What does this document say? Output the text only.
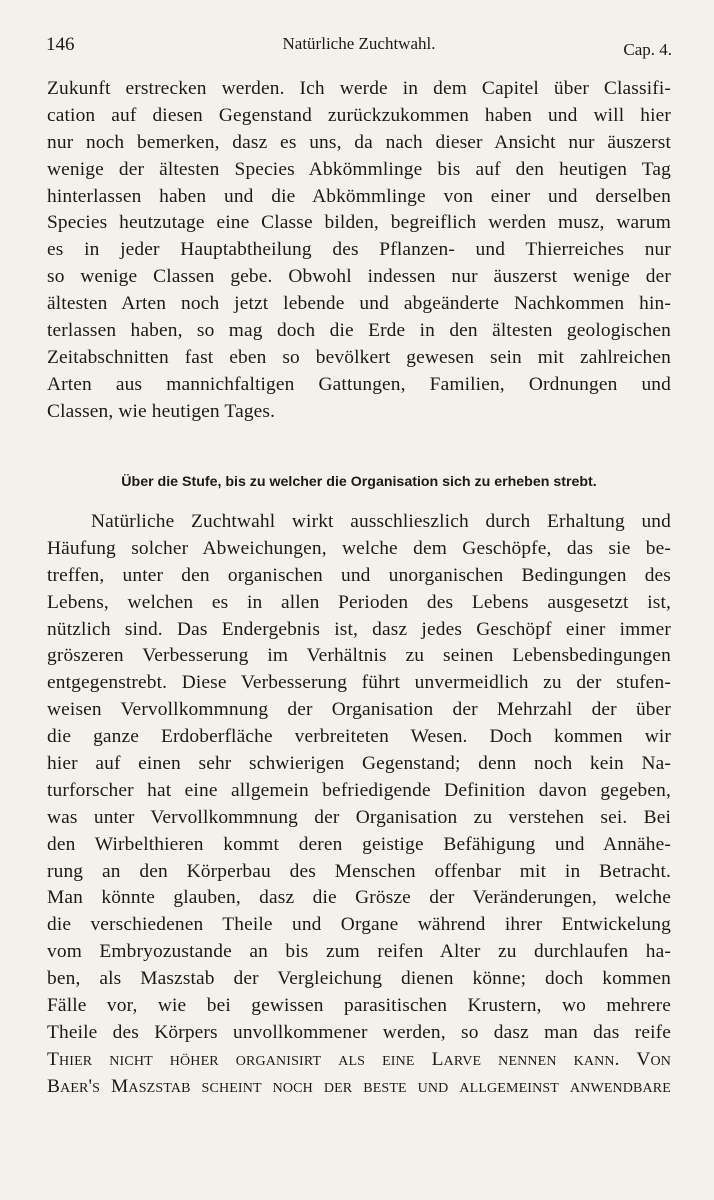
146	Natürliche Zuchtwahl.	Cap. 4.
Zukunft erstrecken werden. Ich werde in dem Capitel über Classifi-
cation auf diesen Gegenstand zurückzukommen haben und will hier
nur noch bemerken, dasz es uns, da nach dieser Ansicht nur äuszerst
wenige der ältesten Species Abkömmlinge bis auf den heutigen Tag
hinterlassen haben und die Abkömmlinge von einer und derselben
Species heutzutage eine Classe bilden, begreiflich werden musz, warum
es in jeder Hauptabtheilung des Pflanzen- und Thierreiches nur
so wenige Classen gebe. Obwohl indessen nur äuszerst wenige der
ältesten Arten noch jetzt lebende und abgeänderte Nachkommen hin-
terlassen haben, so mag doch die Erde in den ältesten geologischen
Zeitabschnitten fast eben so bevölkert gewesen sein mit zahlreichen
Arten aus mannichfaltigen Gattungen, Familien, Ordnungen und
Classen, wie heutigen Tages.
Über die Stufe, bis zu welcher die Organisation sich zu erheben strebt.
Natürliche Zuchtwahl wirkt ausschlieszlich durch Erhaltung und
Häufung solcher Abweichungen, welche dem Geschöpfe, das sie be-
treffen, unter den organischen und unorganischen Bedingungen des
Lebens, welchen es in allen Perioden des Lebens ausgesetzt ist,
nützlich sind. Das Endergebnis ist, dasz jedes Geschöpf einer immer
gröszeren Verbesserung im Verhältnis zu seinen Lebensbedingungen
entgegenstrebt. Diese Verbesserung führt unvermeidlich zu der stufen-
weisen Vervollkommnung der Organisation der Mehrzahl der über
die ganze Erdoberfläche verbreiteten Wesen. Doch kommen wir
hier auf einen sehr schwierigen Gegenstand; denn noch kein Na-
turforscher hat eine allgemein befriedigende Definition davon gegeben,
was unter Vervollkommnung der Organisation zu verstehen sei. Bei
den Wirbelthieren kommt deren geistige Befähigung und Annähe-
rung an den Körperbau des Menschen offenbar mit in Betracht.
Man könnte glauben, dasz die Grösze der Veränderungen, welche
die verschiedenen Theile und Organe während ihrer Entwickelung
vom Embryozustande an bis zum reifen Alter zu durchlaufen ha-
ben, als Maszstab der Vergleichung dienen könne; doch kommen
Fälle vor, wie bei gewissen parasitischen Krustern, wo mehrere
Theile des Körpers unvollkommener werden, so dasz man das reife
Thier nicht höher organisirt als eine Larve nennen kann. Von
Baer's Maszstab scheint noch der beste und allgemeinst anwendbare
